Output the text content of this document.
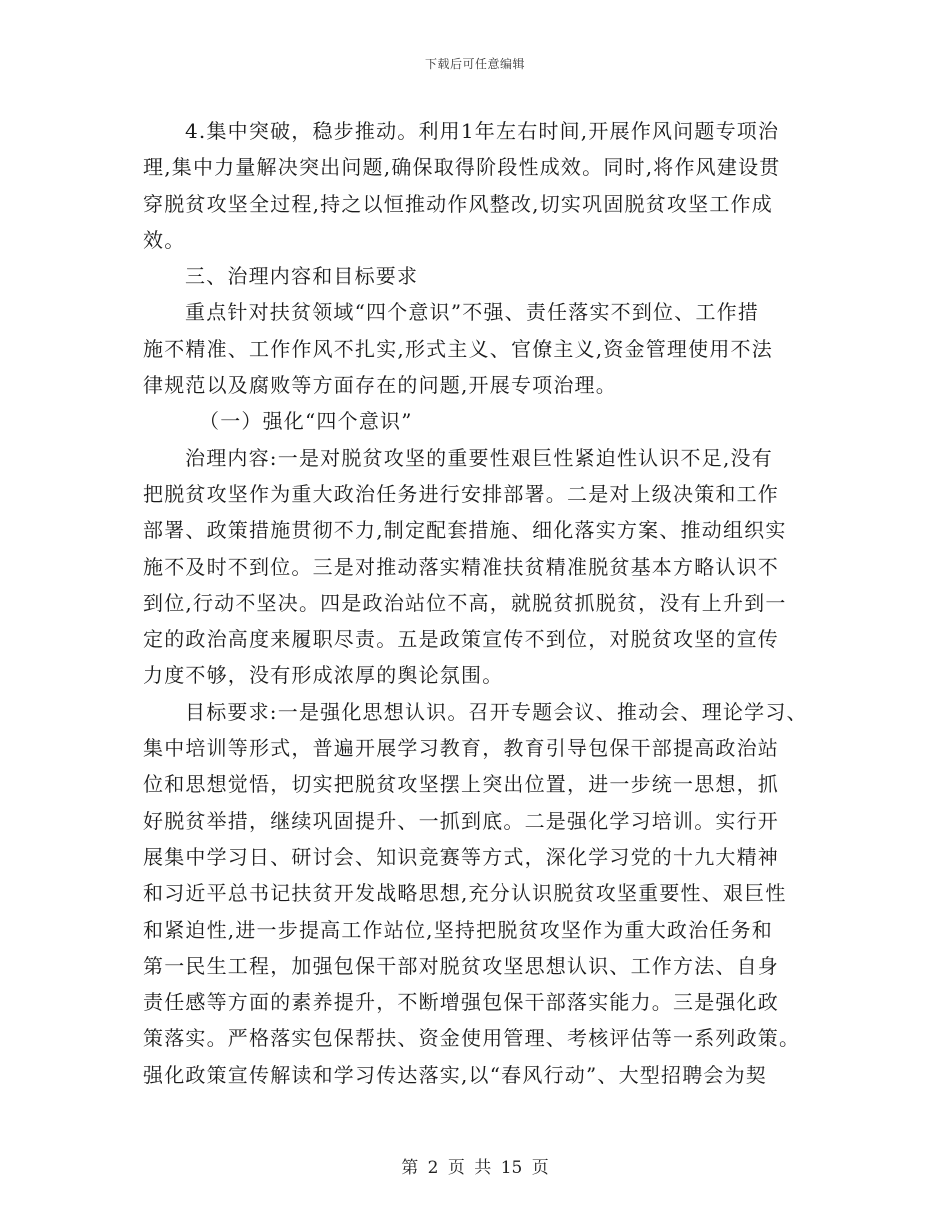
下载后可任意编辑

4.集中突破，稳步推动。利用1年左右时间,开展作风问题专项治
理,集中力量解决突出问题,确保取得阶段性成效。同时,将作风建设贯
穿脱贫攻坚全过程,持之以恒推动作风整改,切实巩固脱贫攻坚工作成
效。

三、治理内容和目标要求

重点针对扶贫领域“四个意识”不强、责任落实不到位、工作措
施不精准、工作作风不扎实,形式主义、官僚主义,资金管理使用不法
律规范以及腐败等方面存在的问题,开展专项治理。

（一）强化“四个意识”

治理内容:一是对脱贫攻坚的重要性艰巨性紧迫性认识不足,没有
把脱贫攻坚作为重大政治任务进行安排部署。二是对上级决策和工作
部署、政策措施贯彻不力,制定配套措施、细化落实方案、推动组织实
施不及时不到位。三是对推动落实精准扶贫精准脱贫基本方略认识不
到位,行动不坚决。四是政治站位不高，就脱贫抓脱贫，没有上升到一
定的政治高度来履职尽责。五是政策宣传不到位，对脱贫攻坚的宣传
力度不够，没有形成浓厚的舆论氛围。

目标要求:一是强化思想认识。召开专题会议、推动会、理论学习、
集中培训等形式，普遍开展学习教育，教育引导包保干部提高政治站
位和思想觉悟，切实把脱贫攻坚摆上突出位置，进一步统一思想，抓
好脱贫举措，继续巩固提升、一抓到底。二是强化学习培训。实行开
展集中学习日、研讨会、知识竞赛等方式，深化学习党的十九大精神
和习近平总书记扶贫开发战略思想,充分认识脱贫攻坚重要性、艰巨性
和紧迫性,进一步提高工作站位,坚持把脱贫攻坚作为重大政治任务和
第一民生工程，加强包保干部对脱贫攻坚思想认识、工作方法、自身
责任感等方面的素养提升，不断增强包保干部落实能力。三是强化政
策落实。严格落实包保帮扶、资金使用管理、考核评估等一系列政策。
强化政策宣传解读和学习传达落实,以“春风行动”、大型招聘会为契

第 2 页 共 15 页
